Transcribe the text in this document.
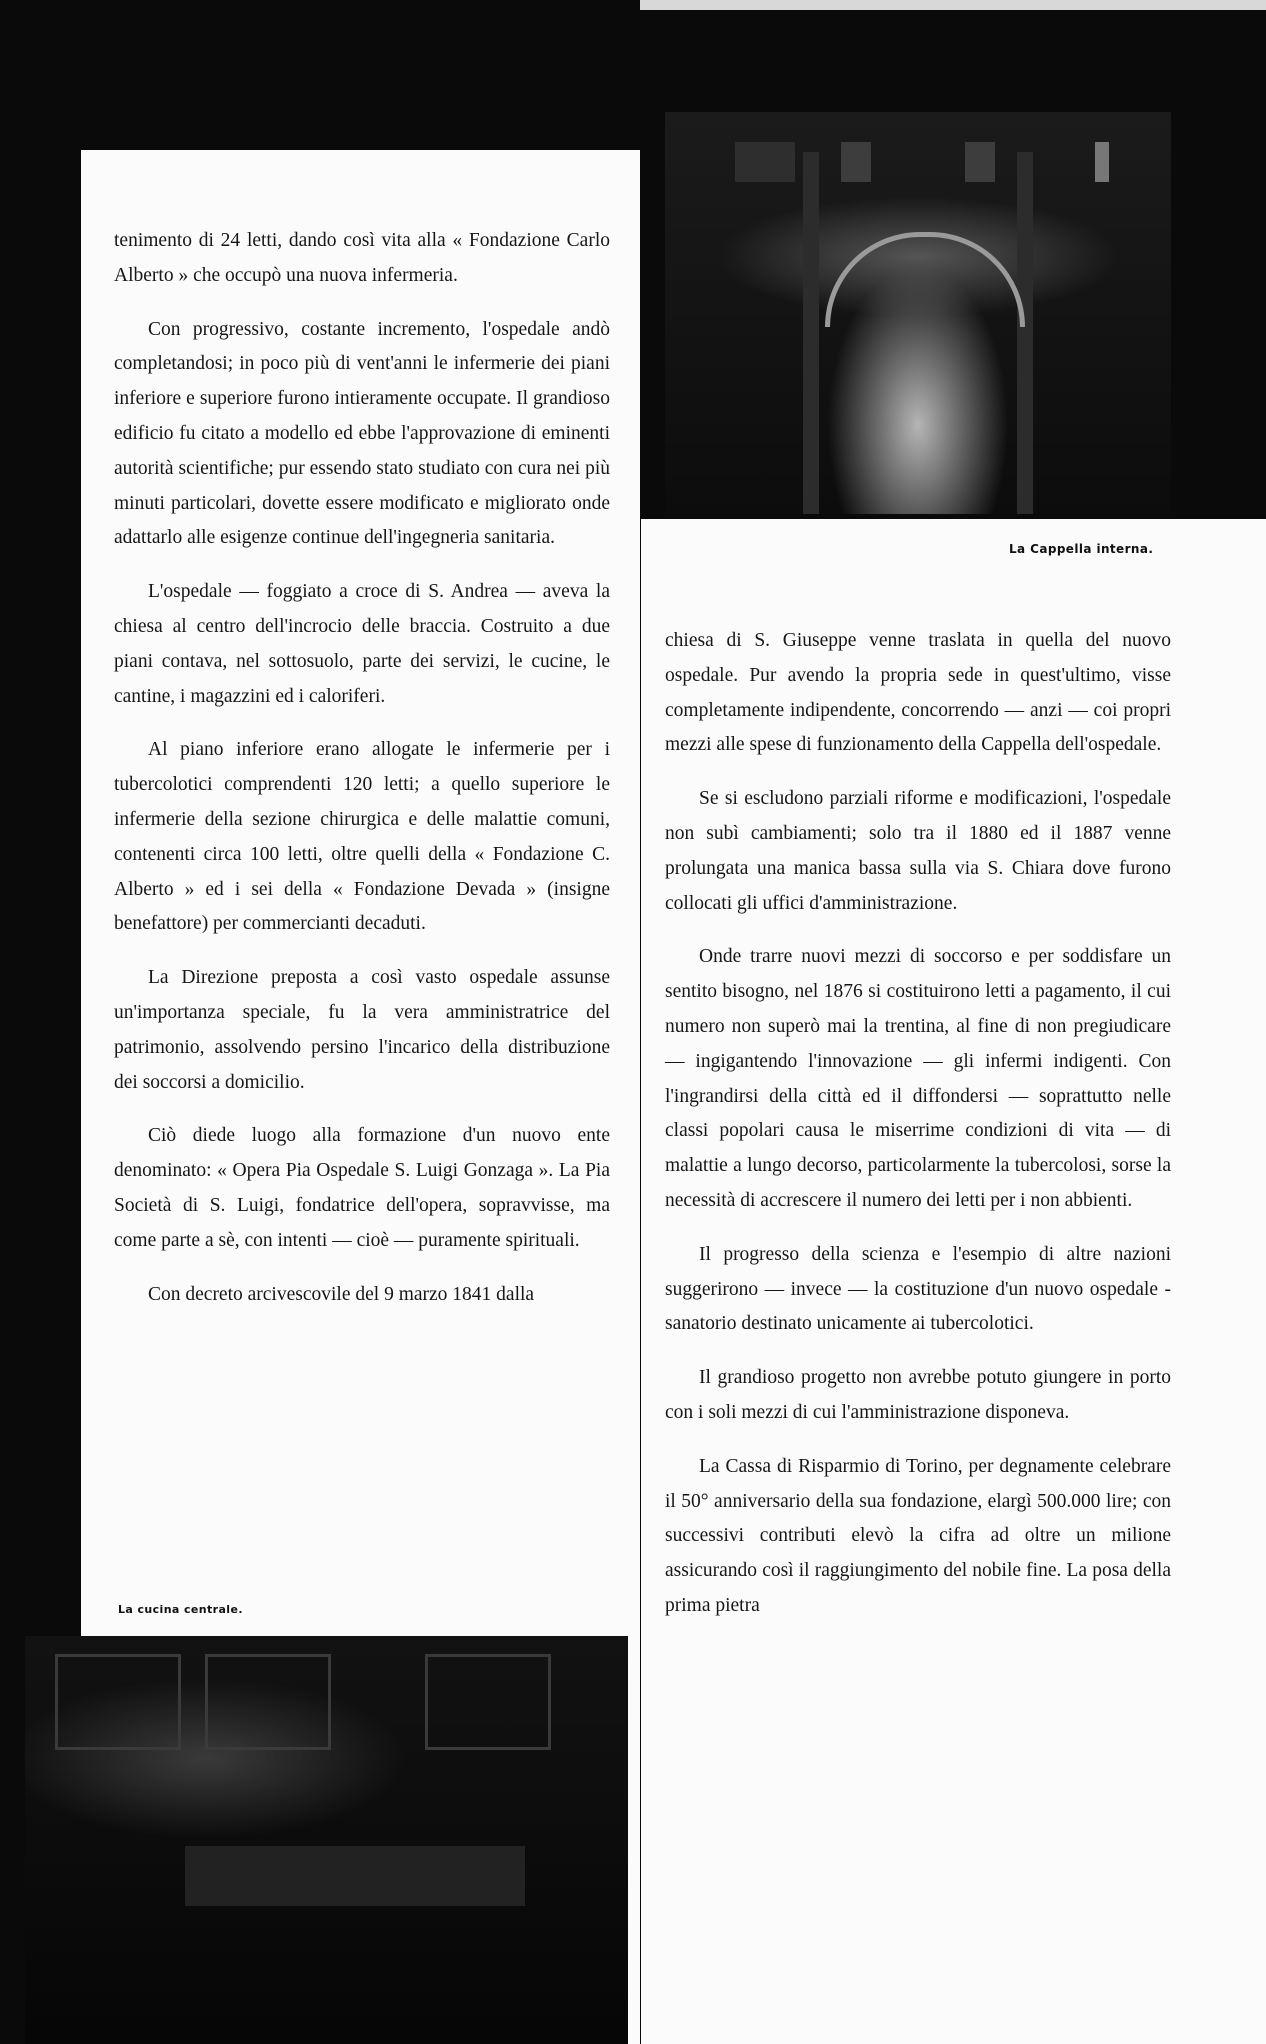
La Cappella interna.

tenimento di 24 letti, dando così vita alla « Fondazione Carlo Alberto » che occupò una nuova infermeria.

Con progressivo, costante incremento, l'ospedale andò completandosi; in poco più di vent'anni le infermerie dei piani inferiore e superiore furono intieramente occupate. Il grandioso edificio fu citato a modello ed ebbe l'approvazione di eminenti autorità scientifiche; pur essendo stato studiato con cura nei più minuti particolari, dovette essere modificato e migliorato onde adattarlo alle esigenze continue dell'ingegneria sanitaria.

L'ospedale — foggiato a croce di S. Andrea — aveva la chiesa al centro dell'incrocio delle braccia. Costruito a due piani contava, nel sottosuolo, parte dei servizi, le cucine, le cantine, i magazzini ed i caloriferi.

Al piano inferiore erano allogate le infermerie per i tubercolotici comprendenti 120 letti; a quello superiore le infermerie della sezione chirurgica e delle malattie comuni, contenenti circa 100 letti, oltre quelli della « Fondazione C. Alberto » ed i sei della « Fondazione Devada » (insigne benefattore) per commercianti decaduti.

La Direzione preposta a così vasto ospedale assunse un'importanza speciale, fu la vera amministratrice del patrimonio, assolvendo persino l'incarico della distribuzione dei soccorsi a domicilio.

Ciò diede luogo alla formazione d'un nuovo ente denominato: « Opera Pia Ospedale S. Luigi Gonzaga ». La Pia Società di S. Luigi, fondatrice dell'opera, sopravvisse, ma come parte a sè, con intenti — cioè — puramente spirituali.

Con decreto arcivescovile del 9 marzo 1841 dalla

La cucina centrale.

chiesa di S. Giuseppe venne traslata in quella del nuovo ospedale. Pur avendo la propria sede in quest'ultimo, visse completamente indipendente, concorrendo — anzi — coi propri mezzi alle spese di funzionamento della Cappella dell'ospedale.

Se si escludono parziali riforme e modificazioni, l'ospedale non subì cambiamenti; solo tra il 1880 ed il 1887 venne prolungata una manica bassa sulla via S. Chiara dove furono collocati gli uffici d'amministrazione.

Onde trarre nuovi mezzi di soccorso e per soddisfare un sentito bisogno, nel 1876 si costituirono letti a pagamento, il cui numero non superò mai la trentina, al fine di non pregiudicare — ingigantendo l'innovazione — gli infermi indigenti. Con l'ingrandirsi della città ed il diffondersi — soprattutto nelle classi popolari causa le miserrime condizioni di vita — di malattie a lungo decorso, particolarmente la tubercolosi, sorse la necessità di accrescere il numero dei letti per i non abbienti.

Il progresso della scienza e l'esempio di altre nazioni suggerirono — invece — la costituzione d'un nuovo ospedale - sanatorio destinato unicamente ai tubercolotici.

Il grandioso progetto non avrebbe potuto giungere in porto con i soli mezzi di cui l'amministrazione disponeva.

La Cassa di Risparmio di Torino, per degnamente celebrare il 50° anniversario della sua fondazione, elargì 500.000 lire; con successivi contributi elevò la cifra ad oltre un milione assicurando così il raggiungimento del nobile fine. La posa della prima pietra
